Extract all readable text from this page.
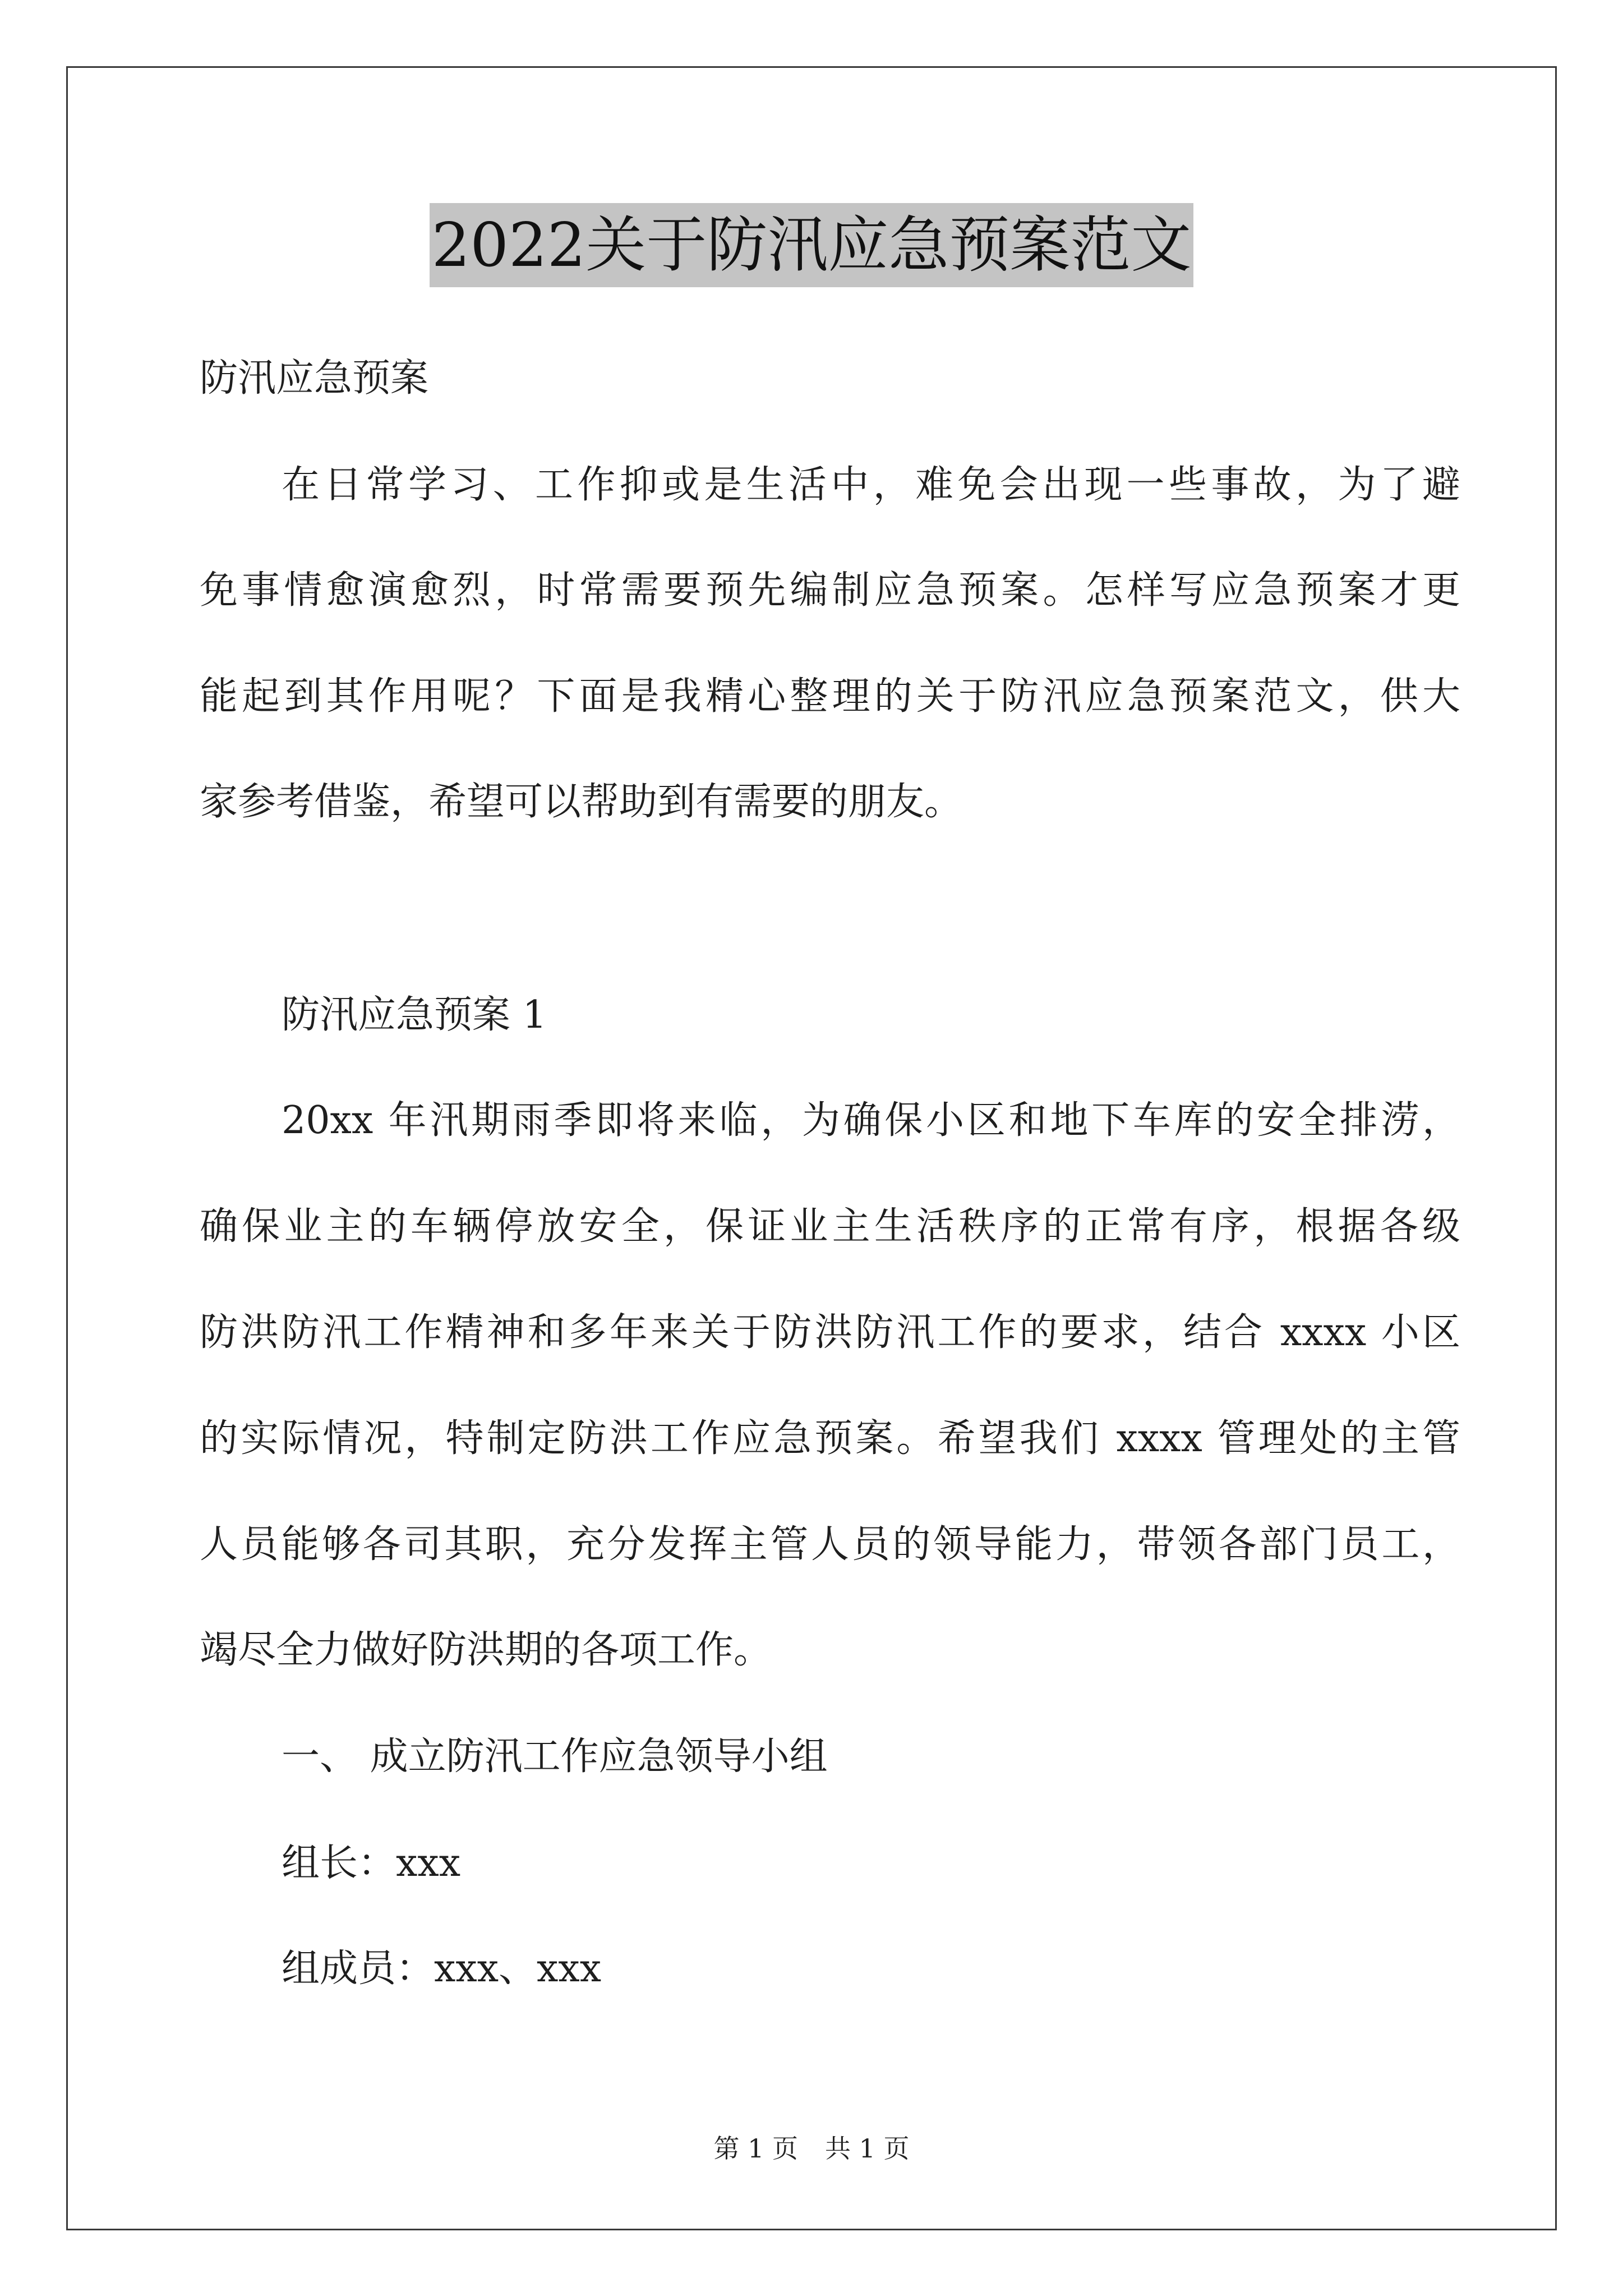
2022关于防汛应急预案范文
防汛应急预案
在日常学习、工作抑或是生活中，难免会出现一些事故，为了避
免事情愈演愈烈，时常需要预先编制应急预案。怎样写应急预案才更
能起到其作用呢？下面是我精心整理的关于防汛应急预案范文，供大
家参考借鉴，希望可以帮助到有需要的朋友。
防汛应急预案 1
20xx 年汛期雨季即将来临，为确保小区和地下车库的安全排涝，
确保业主的车辆停放安全，保证业主生活秩序的正常有序，根据各级
防洪防汛工作精神和多年来关于防洪防汛工作的要求，结合 xxxx 小区
的实际情况，特制定防洪工作应急预案。希望我们 xxxx 管理处的主管
人员能够各司其职，充分发挥主管人员的领导能力，带领各部门员工，
竭尽全力做好防洪期的各项工作。
一、 成立防汛工作应急领导小组
组长：xxx
组成员：xxx、xxx
第 1 页 共 1 页
